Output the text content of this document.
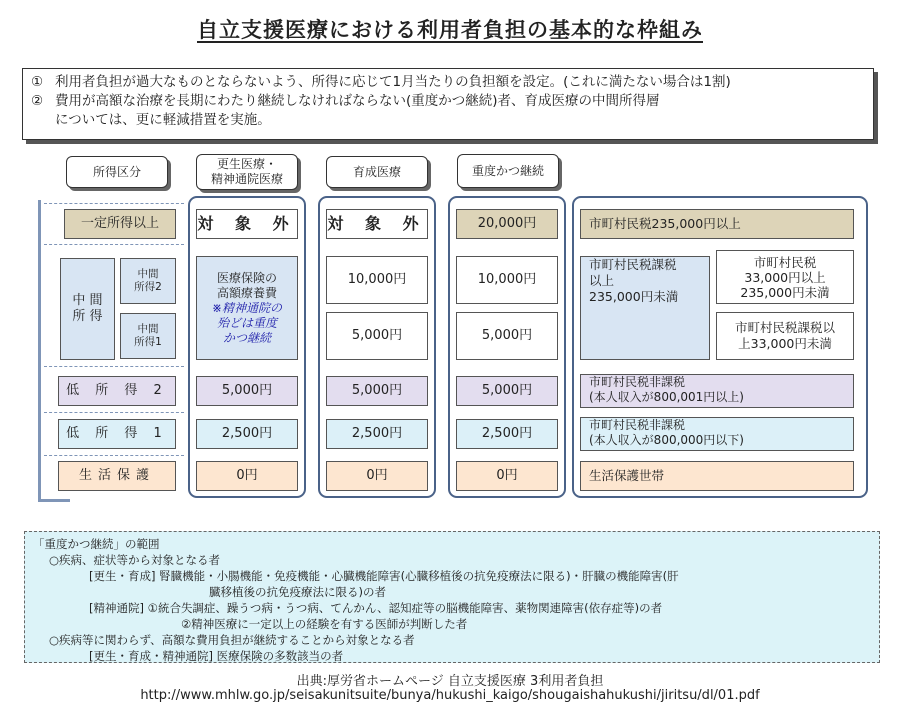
自立支援医療における利用者負担の基本的な枠組み
① 利用者負担が過大なものとならないよう、所得に応じて1月当たりの負担額を設定。(これに満たない場合は1割)
② 費用が高額な治療を長期にわたり継続しなければならない(重度かつ継続)者、育成医療の中間所得層
については、更に軽減措置を実施。
所得区分
更生医療・
精神通院医療
育成医療	重度かつ継続
一定所得以上
中 間
所 得
中間
所得2
中間
所得1
低 所 得 2
低 所 得 1
生活保護
対 象 外
医療保険の
高額療養費
※精神通院の
殆どは重度
かつ継続
5,000円
2,500円
0円
対 象 外
10,000円
5,000円
5,000円
2,500円
0円
20,000円
10,000円
5,000円
5,000円
2,500円
0円
市町村民税235,000円以上
市町村民税課税
以上
235,000円未満
市町村民税
33,000円以上
235,000円未満
市町村民税課税以
上33,000円未満
市町村民税非課税
(本人収入が800,001円以上)
市町村民税非課税
(本人収入が800,000円以下)
生活保護世帯
「重度かつ継続」の範囲
○疾病、症状等から対象となる者
[更生・育成] 腎臓機能・小腸機能・免疫機能・心臓機能障害(心臓移植後の抗免疫療法に限る)・肝臓の機能障害(肝
臓移植後の抗免疫療法に限る)の者
[精神通院] ①統合失調症、躁うつ病・うつ病、てんかん、認知症等の脳機能障害、薬物関連障害(依存症等)の者
②精神医療に一定以上の経験を有する医師が判断した者
○疾病等に関わらず、高額な費用負担が継続することから対象となる者
[更生・育成・精神通院] 医療保険の多数該当の者
出典:厚労省ホームページ 自立支援医療 3利用者負担
http://www.mhlw.go.jp/seisakunitsuite/bunya/hukushi_kaigo/shougaishahukushi/jiritsu/dl/01.pdf
